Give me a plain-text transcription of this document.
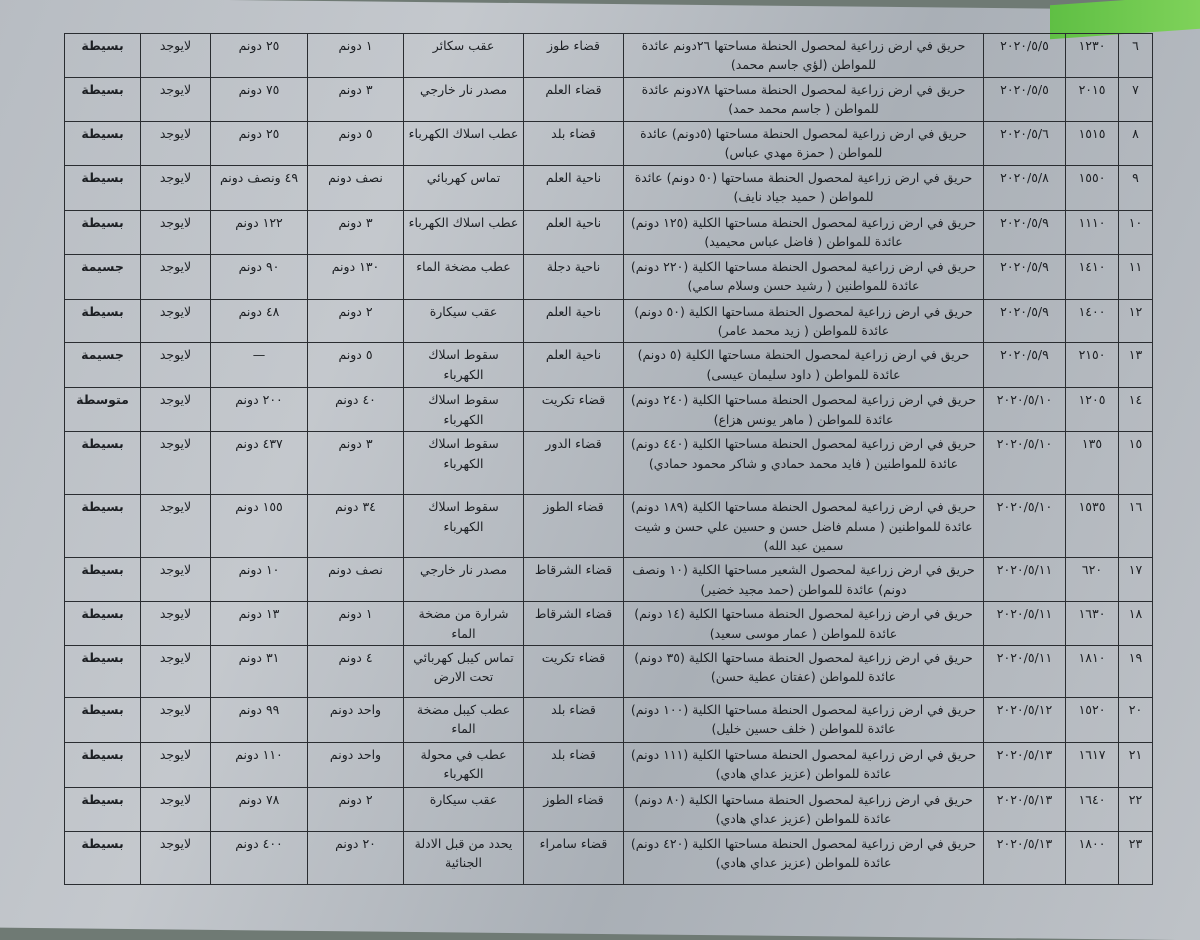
٦	١٢٣٠	٢٠٢٠/٥/٥	حريق في ارض زراعية لمحصول الحنطة مساحتها ٢٦دونم عائدة للمواطن (لؤي جاسم محمد)	قضاء طوز	عقب سكائر	١ دونم	٢٥ دونم	لايوجد	بسيطة
٧	٢٠١٥	٢٠٢٠/٥/٥	حريق في ارض زراعية لمحصول الحنطة مساحتها ٧٨دونم عائدة للمواطن ( جاسم محمد حمد)	قضاء العلم	مصدر نار خارجي	٣ دونم	٧٥ دونم	لايوجد	بسيطة
٨	١٥١٥	٢٠٢٠/٥/٦	حريق في ارض زراعية لمحصول الحنطة مساحتها (٥دونم) عائدة للمواطن ( حمزة مهدي عباس)	قضاء بلد	عطب اسلاك الكهرباء	٥ دونم	٢٥ دونم	لايوجد	بسيطة
٩	١٥٥٠	٢٠٢٠/٥/٨	حريق في ارض زراعية لمحصول الحنطة مساحتها (٥٠ دونم) عائدة للمواطن ( حميد جياد نايف)	ناحية العلم	تماس كهربائي	نصف دونم	٤٩ ونصف دونم	لايوجد	بسيطة
١٠	١١١٠	٢٠٢٠/٥/٩	حريق في ارض زراعية لمحصول الحنطة مساحتها الكلية (١٢٥ دونم) عائدة للمواطن ( فاضل عباس محيميد)	ناحية العلم	عطب اسلاك الكهرباء	٣ دونم	١٢٢ دونم	لايوجد	بسيطة
١١	١٤١٠	٢٠٢٠/٥/٩	حريق في ارض زراعية لمحصول الحنطة مساحتها الكلية (٢٢٠ دونم) عائدة للمواطنين ( رشيد حسن وسلام سامي)	ناحية دجلة	عطب مضخة الماء	١٣٠ دونم	٩٠ دونم	لايوجد	جسيمة
١٢	١٤٠٠	٢٠٢٠/٥/٩	حريق في ارض زراعية لمحصول الحنطة مساحتها الكلية (٥٠ دونم) عائدة للمواطن ( زيد محمد عامر)	ناحية العلم	عقب سيكارة	٢ دونم	٤٨ دونم	لايوجد	بسيطة
١٣	٢١٥٠	٢٠٢٠/٥/٩	حريق في ارض زراعية لمحصول الحنطة مساحتها الكلية (٥ دونم) عائدة للمواطن ( داود سليمان عيسى)	ناحية العلم	سقوط اسلاك الكهرباء	٥ دونم	—	لايوجد	جسيمة
١٤	١٢٠٥	٢٠٢٠/٥/١٠	حريق في ارض زراعية لمحصول الحنطة مساحتها الكلية (٢٤٠ دونم) عائدة للمواطن ( ماهر يونس هزاع)	قضاء تكريت	سقوط اسلاك الكهرباء	٤٠ دونم	٢٠٠ دونم	لايوجد	متوسطة
١٥	١٣٥	٢٠٢٠/٥/١٠	حريق في ارض زراعية لمحصول الحنطة مساحتها الكلية (٤٤٠ دونم) عائدة للمواطنين ( فايد محمد حمادي و شاكر محمود حمادي)	قضاء الدور	سقوط اسلاك الكهرباء	٣ دونم	٤٣٧ دونم	لايوجد	بسيطة
١٦	١٥٣٥	٢٠٢٠/٥/١٠	حريق في ارض زراعية لمحصول الحنطة مساحتها الكلية (١٨٩ دونم) عائدة للمواطنين ( مسلم فاضل حسن و حسين علي حسن و شيت سمين عبد الله)	قضاء الطوز	سقوط اسلاك الكهرباء	٣٤ دونم	١٥٥ دونم	لايوجد	بسيطة
١٧	٦٢٠	٢٠٢٠/٥/١١	حريق في ارض زراعية لمحصول الشعير مساحتها الكلية (١٠ ونصف دونم) عائدة للمواطن (حمد مجيد خضير)	قضاء الشرقاط	مصدر نار خارجي	نصف دونم	١٠ دونم	لايوجد	بسيطة
١٨	١٦٣٠	٢٠٢٠/٥/١١	حريق في ارض زراعية لمحصول الحنطة مساحتها الكلية (١٤ دونم) عائدة للمواطن ( عمار موسى سعيد)	قضاء الشرقاط	شرارة من مضخة الماء	١ دونم	١٣ دونم	لايوجد	بسيطة
١٩	١٨١٠	٢٠٢٠/٥/١١	حريق في ارض زراعية لمحصول الحنطة مساحتها الكلية (٣٥ دونم) عائدة للمواطن (عفتان عطية حسن)	قضاء تكريت	تماس كيبل كهربائي تحت الارض	٤ دونم	٣١ دونم	لايوجد	بسيطة
٢٠	١٥٢٠	٢٠٢٠/٥/١٢	حريق في ارض زراعية لمحصول الحنطة مساحتها الكلية (١٠٠ دونم) عائدة للمواطن ( خلف حسين خليل)	قضاء بلد	عطب كيبل مضخة الماء	واحد دونم	٩٩ دونم	لايوجد	بسيطة
٢١	١٦١٧	٢٠٢٠/٥/١٣	حريق في ارض زراعية لمحصول الحنطة مساحتها الكلية (١١١ دونم) عائدة للمواطن (عزيز عداي هادي)	قضاء بلد	عطب في محولة الكهرباء	واحد دونم	١١٠ دونم	لايوجد	بسيطة
٢٢	١٦٤٠	٢٠٢٠/٥/١٣	حريق في ارض زراعية لمحصول الحنطة مساحتها الكلية (٨٠ دونم) عائدة للمواطن (عزيز عداي هادي)	قضاء الطوز	عقب سيكارة	٢ دونم	٧٨ دونم	لايوجد	بسيطة
٢٣	١٨٠٠	٢٠٢٠/٥/١٣	حريق في ارض زراعية لمحصول الحنطة مساحتها الكلية (٤٢٠ دونم) عائدة للمواطن (عزيز عداي هادي)	قضاء سامراء	يحدد من قبل الادلة الجنائية	٢٠ دونم	٤٠٠ دونم	لايوجد	بسيطة
